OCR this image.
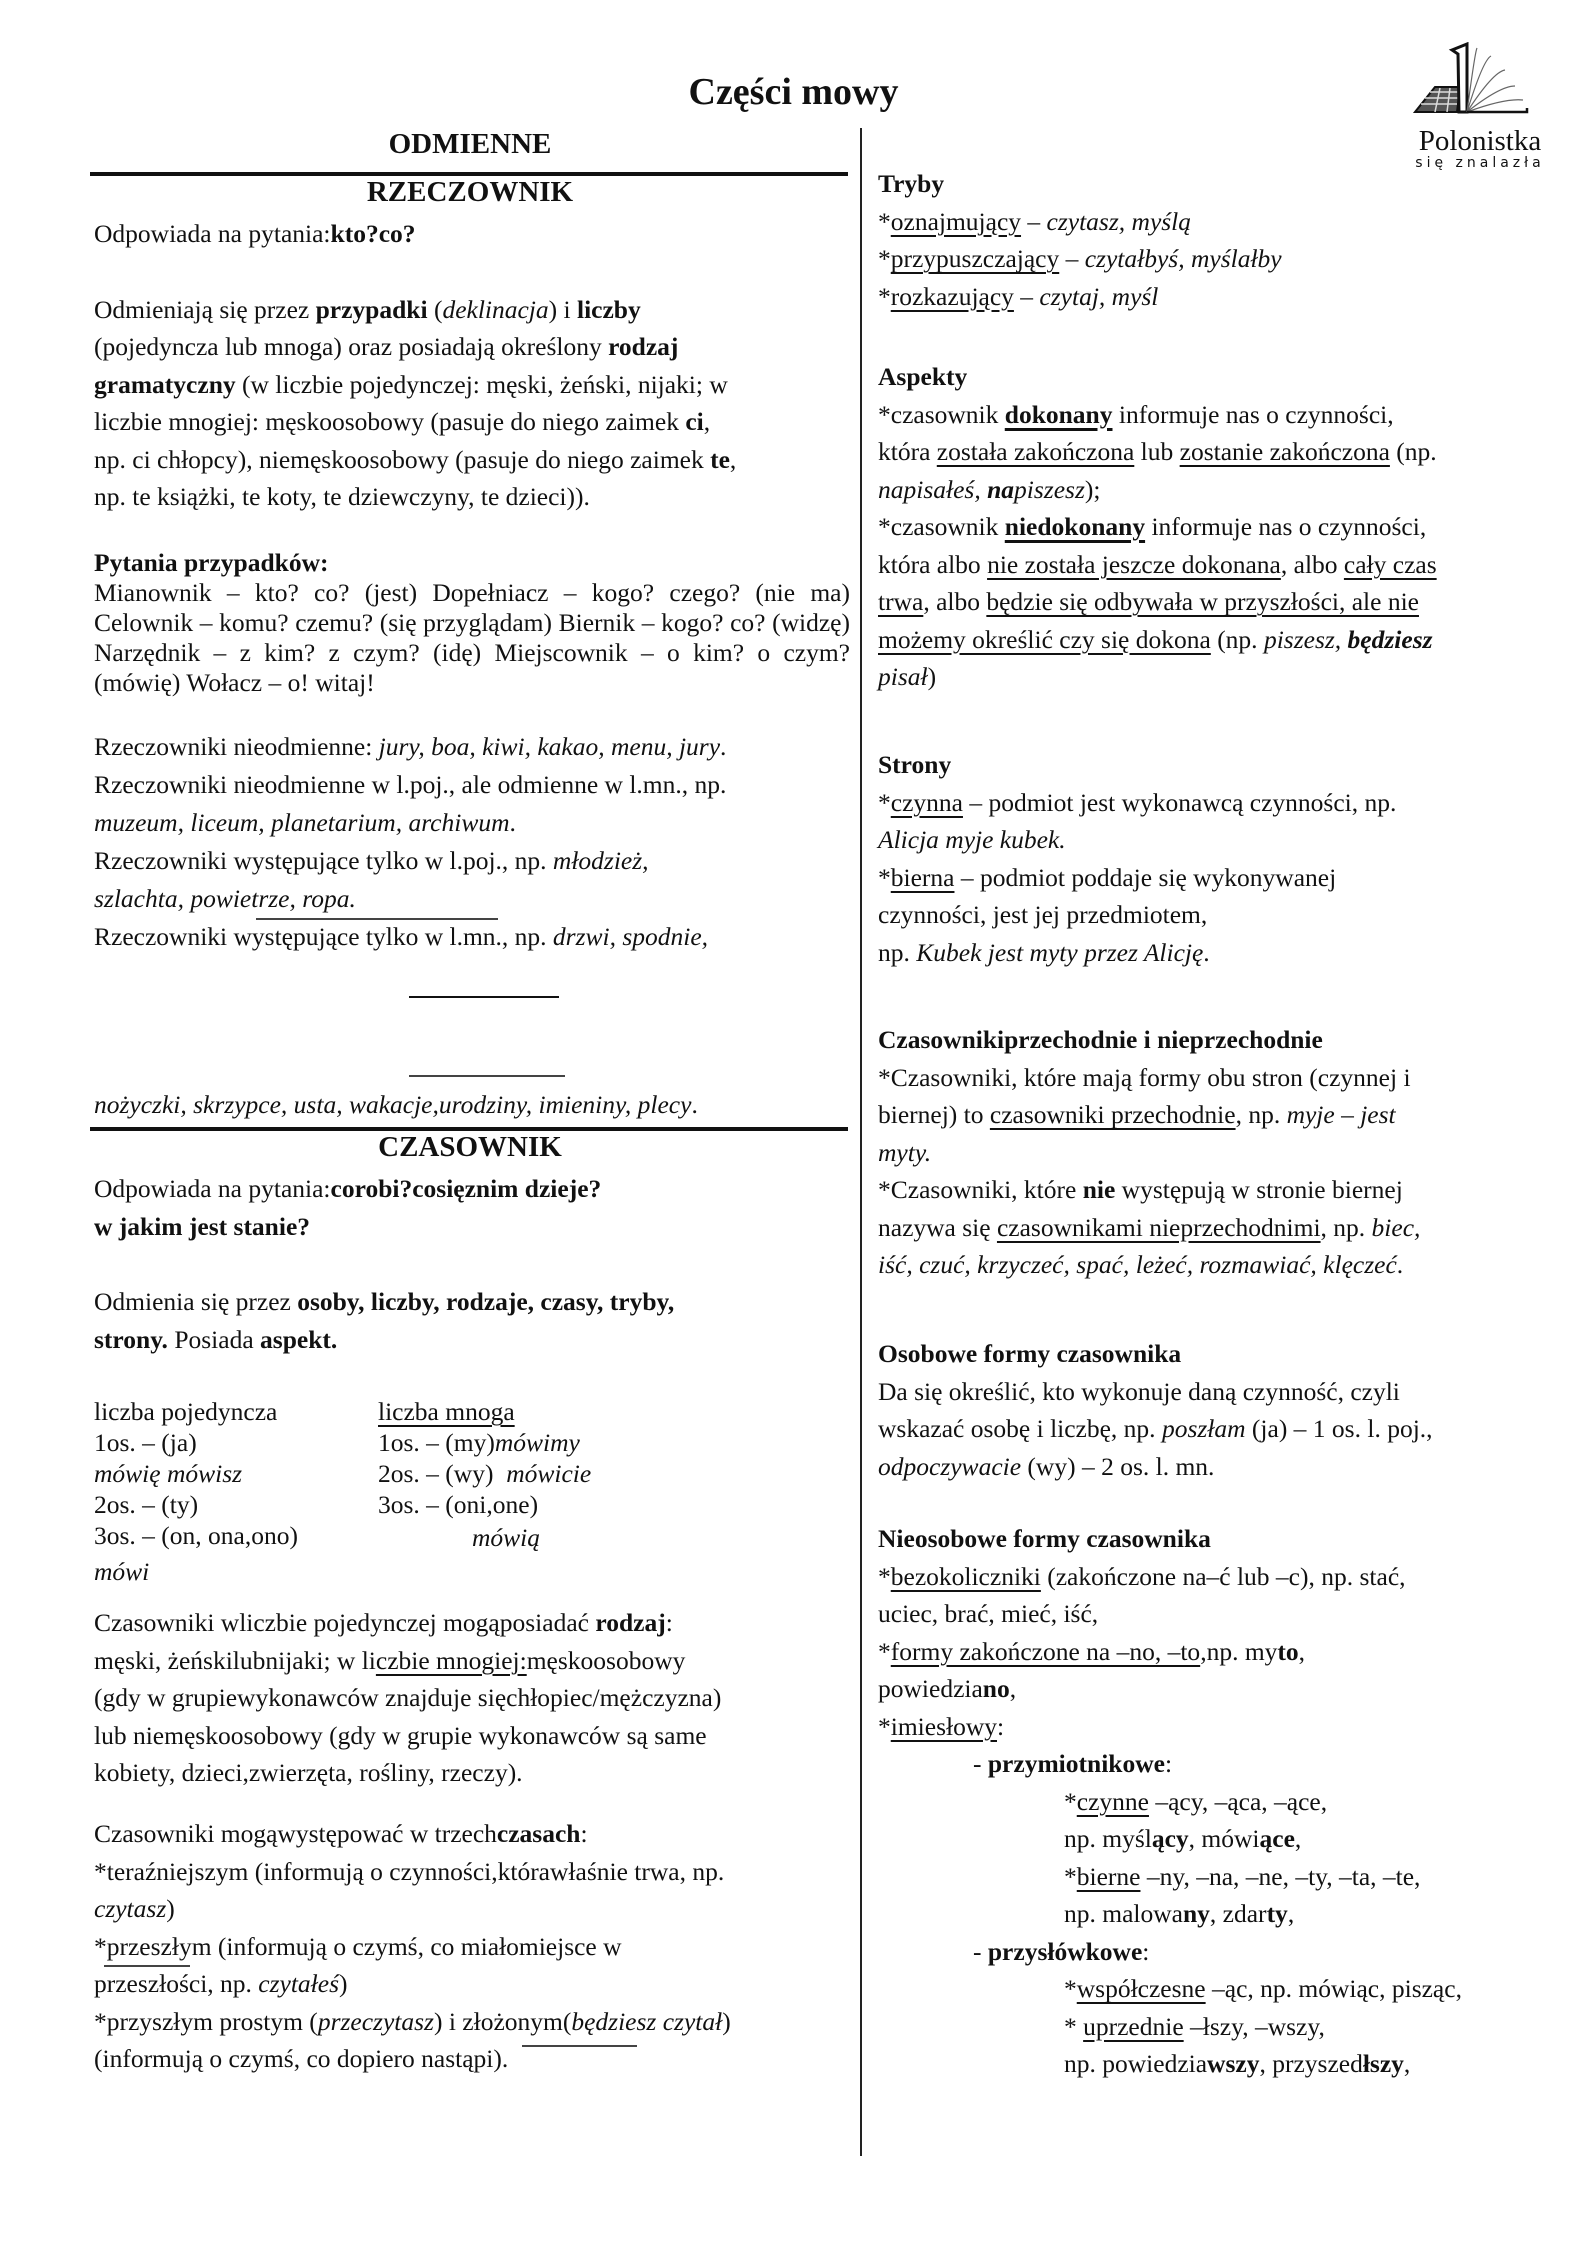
Części mowy
Polonistka
się znalazła
ODMIENNE
RZECZOWNIK

Odpowiada na pytania:kto?co?

Odmieniają się przez przypadki (deklinacja) i liczby

(pojedyncza lub mnoga) oraz posiadają określony rodzaj

gramatyczny (w liczbie pojedynczej: męski, żeński, nijaki; w

liczbie mnogiej: męskoosobowy (pasuje do niego zaimek ci,

np. ci chłopcy), niemęskoosobowy (pasuje do niego zaimek te,

np. te książki, te koty, te dziewczyny, te dzieci)).

Pytania przypadków:

Mianownik – kto? co? (jest) Dopełniacz – kogo? czego? (nie ma) Celownik – komu? czemu? (się przyglądam) Biernik – kogo? co? (widzę) Narzędnik – z kim? z czym? (idę) Miejscownik – o kim? o czym? (mówię) Wołacz – o! witaj!

Rzeczowniki nieodmienne: jury, boa, kiwi, kakao, menu, jury.

Rzeczowniki nieodmienne w l.poj., ale odmienne w l.mn., np.

muzeum, liceum, planetarium, archiwum.

Rzeczowniki występujące tylko w l.poj., np. młodzież,

szlachta, powietrze, ropa.

Rzeczowniki występujące tylko w l.mn., np. drzwi, spodnie,

nożyczki, skrzypce, usta, wakacje,urodziny, imieniny, plecy.

CZASOWNIK

Odpowiada na pytania:corobi?cosięznim dzieje?

w jakim jest stanie?

Odmienia się przez osoby, liczby, rodzaje, czasy, tryby,

strony. Posiada aspekt.

liczba pojedyncza
1os. – (ja)
mówię mówisz
2os. – (ty)
3os. – (on, ona,ono)
mówi
liczba mnoga
1os. – (my)mówimy
2os. – (wy) mówicie
3os. – (oni,one)
mówią

Czasowniki wliczbie pojedynczej mogąposiadać rodzaj:

męski, żeńskilubnijaki; w liczbie mnogiej:męskoosobowy

(gdy w grupiewykonawców znajduje sięchłopiec/mężczyzna)

lub niemęskoosobowy (gdy w grupie wykonawców są same

kobiety, dzieci,zwierzęta, rośliny, rzeczy).

Czasowniki mogąwystępować w trzechczasach:

*teraźniejszym (informują o czynności,którawłaśnie trwa, np.

czytasz)

*przeszłym (informują o czymś, co miałomiejsce w

przeszłości, np. czytałeś)

*przyszłym prostym (przeczytasz) i złożonym(będziesz czytał)

(informują o czymś, co dopiero nastąpi).

Tryby

*oznajmujący – czytasz, myślą

*przypuszczający – czytałbyś, myślałby

*rozkazujący – czytaj, myśl

Aspekty

*czasownik dokonany informuje nas o czynności,

która została zakończona lub zostanie zakończona (np.

napisałeś, napiszesz);

*czasownik niedokonany informuje nas o czynności,

która albo nie została jeszcze dokonana, albo cały czas

trwa, albo będzie się odbywała w przyszłości, ale nie

możemy określić czy się dokona (np. piszesz, będziesz

pisał)

Strony

*czynna – podmiot jest wykonawcą czynności, np.

Alicja myje kubek.

*bierna – podmiot poddaje się wykonywanej

czynności, jest jej przedmiotem,

np. Kubek jest myty przez Alicję.

Czasownikiprzechodnie i nieprzechodnie

*Czasowniki, które mają formy obu stron (czynnej i

biernej) to czasowniki przechodnie, np. myje – jest

myty.

*Czasowniki, które nie występują w stronie biernej

nazywa się czasownikami nieprzechodnimi, np. biec,

iść, czuć, krzyczeć, spać, leżeć, rozmawiać, klęczeć.

Osobowe formy czasownika

Da się określić, kto wykonuje daną czynność, czyli

wskazać osobę i liczbę, np. poszłam (ja) – 1 os. l. poj.,

odpoczywacie (wy) – 2 os. l. mn.

Nieosobowe formy czasownika

*bezokoliczniki (zakończone na–ć lub –c), np. stać,

uciec, brać, mieć, iść,

*formy zakończone na –no, –to,np. myto,

powiedziano,

*imiesłowy:

- przymiotnikowe:

*czynne –ący, –ąca, –ące,

np. myślący, mówiące,

*bierne –ny, –na, –ne, –ty, –ta, –te,

np. malowany, zdarty,

- przysłówkowe:

*współczesne –ąc, np. mówiąc, pisząc,

* uprzednie –łszy, –wszy,

np. powiedziawszy, przyszedłszy,
